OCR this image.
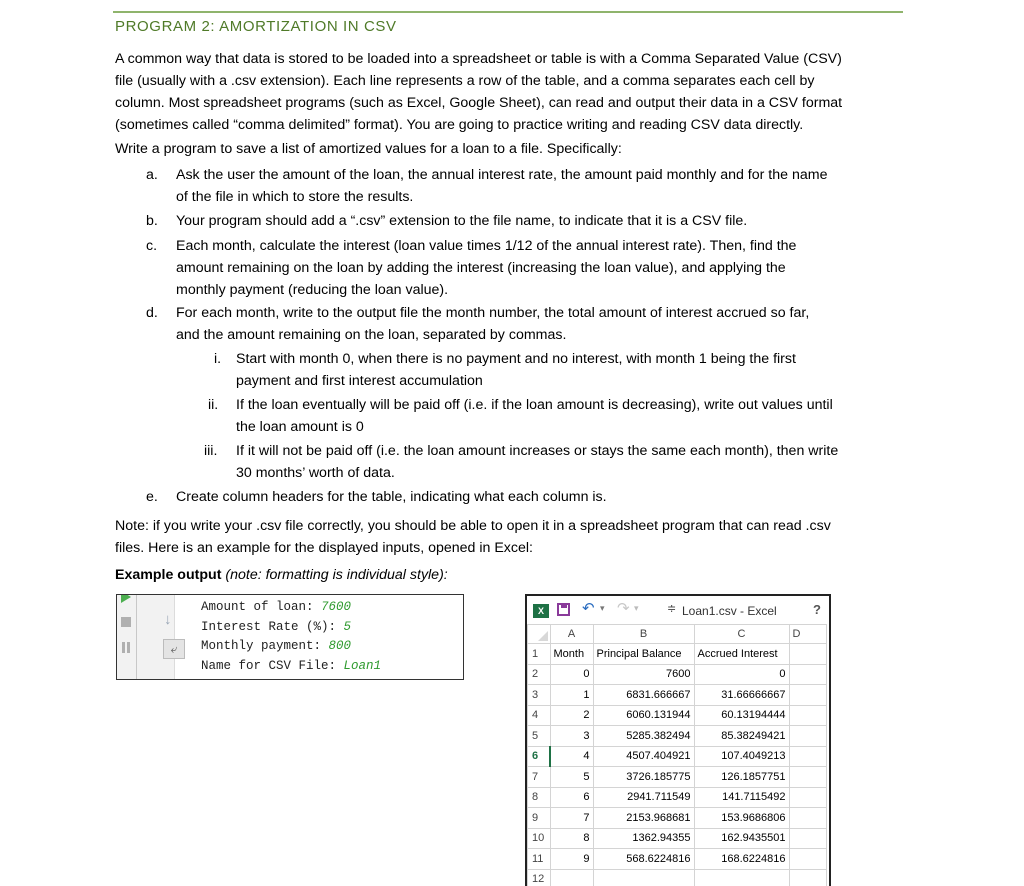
PROGRAM 2: AMORTIZATION IN CSV
A common way that data is stored to be loaded into a spreadsheet or table is with a Comma Separated Value (CSV)
file (usually with a .csv extension). Each line represents a row of the table, and a comma separates each cell by
column. Most spreadsheet programs (such as Excel, Google Sheet), can read and output their data in a CSV format
(sometimes called “comma delimited” format). You are going to practice writing and reading CSV data directly.
Write a program to save a list of amortized values for a loan to a file. Specifically:
a. Ask the user the amount of the loan, the annual interest rate, the amount paid monthly and for the name
of the file in which to store the results.
b. Your program should add a “.csv” extension to the file name, to indicate that it is a CSV file.
c. Each month, calculate the interest (loan value times 1/12 of the annual interest rate). Then, find the
amount remaining on the loan by adding the interest (increasing the loan value), and applying the
monthly payment (reducing the loan value).
d. For each month, write to the output file the month number, the total amount of interest accrued so far,
and the amount remaining on the loan, separated by commas.
i. Start with month 0, when there is no payment and no interest, with month 1 being the first
payment and first interest accumulation
ii. If the loan eventually will be paid off (i.e. if the loan amount is decreasing), write out values until
the loan amount is 0
iii. If it will not be paid off (i.e. the loan amount increases or stays the same each month), then write
30 months’ worth of data.
e. Create column headers for the table, indicating what each column is.
Note: if you write your .csv file correctly, you should be able to open it in a spreadsheet program that can read .csv
files. Here is an example for the displayed inputs, opened in Excel:
Example output (note: formatting is individual style):
↓
⤶
Amount of loan: 7600
Interest Rate (%): 5
Monthly payment: 800
Name for CSV File: Loan1
X	↶ ▾ ↷ ▾	≑ Loan1.csv - Excel	?
	A	B	C	D
1	Month	Principal Balance	Accrued Interest	
2	0	7600	0	
3	1	6831.666667	31.66666667	
4	2	6060.131944	60.13194444	
5	3	5285.382494	85.38249421	
6	4	4507.404921	107.4049213	
7	5	3726.185775	126.1857751	
8	6	2941.711549	141.7115492	
9	7	2153.968681	153.9686806	
10	8	1362.94355	162.9435501	
11	9	568.6224816	168.6224816	
12				
